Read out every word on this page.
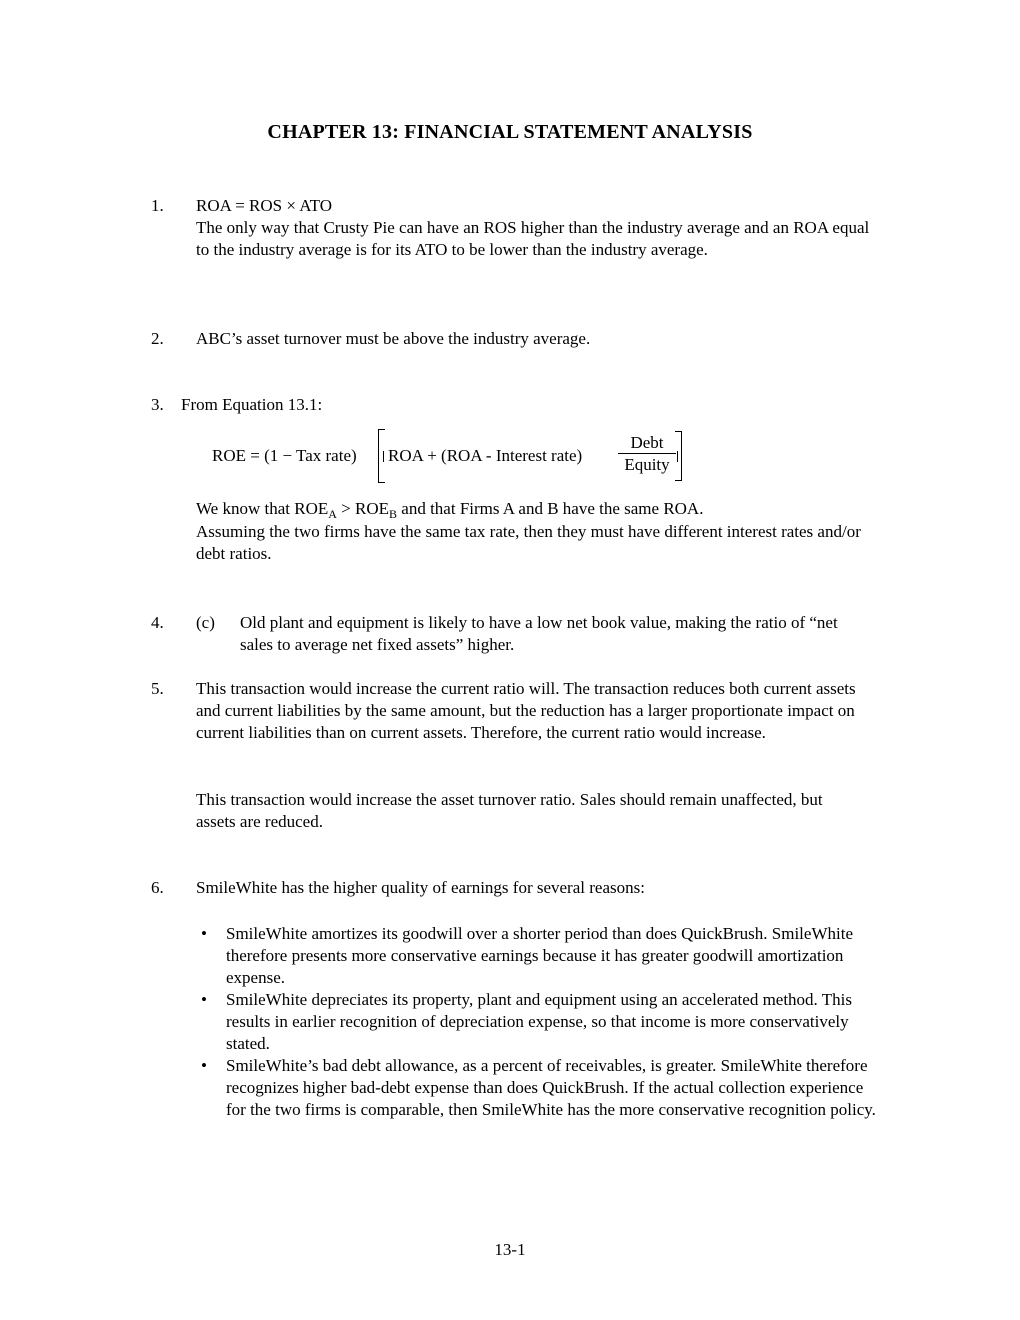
CHAPTER 13: FINANCIAL STATEMENT ANALYSIS
1. ROA = ROS × ATO

The only way that Crusty Pie can have an ROS higher than the industry average and an ROA equal to the industry average is for its ATO to be lower than the industry average.

2. ABC’s asset turnover must be above the industry average.
3. From Equation 13.1:
ROE = (1 − Tax rate) ROA + (ROA - Interest rate)
Debt
Equity

We know that $ROE_A > ROE_B$ and that Firms A and B have the same ROA.

Assuming the two firms have the same tax rate, then they must have different interest rates and/or debt ratios.

4. (c)	Old plant and equipment is likely to have a low net book value, making the ratio of “net sales to average net fixed assets” higher.
5. This transaction would increase the current ratio will. The transaction reduces both current assets and current liabilities by the same amount, but the reduction has a larger proportionate impact on current liabilities than on current assets. Therefore, the current ratio would increase.
This transaction would increase the asset turnover ratio. Sales should remain unaffected, but assets are reduced.
6. SmileWhite has the higher quality of earnings for several reasons:

• SmileWhite amortizes its goodwill over a shorter period than does QuickBrush. SmileWhite therefore presents more conservative earnings because it has greater goodwill amortization expense.

• SmileWhite depreciates its property, plant and equipment using an accelerated method. This results in earlier recognition of depreciation expense, so that income is more conservatively stated.

• SmileWhite’s bad debt allowance, as a percent of receivables, is greater. SmileWhite therefore recognizes higher bad-debt expense than does QuickBrush. If the actual collection experience for the two firms is comparable, then SmileWhite has the more conservative recognition policy.

13-1
